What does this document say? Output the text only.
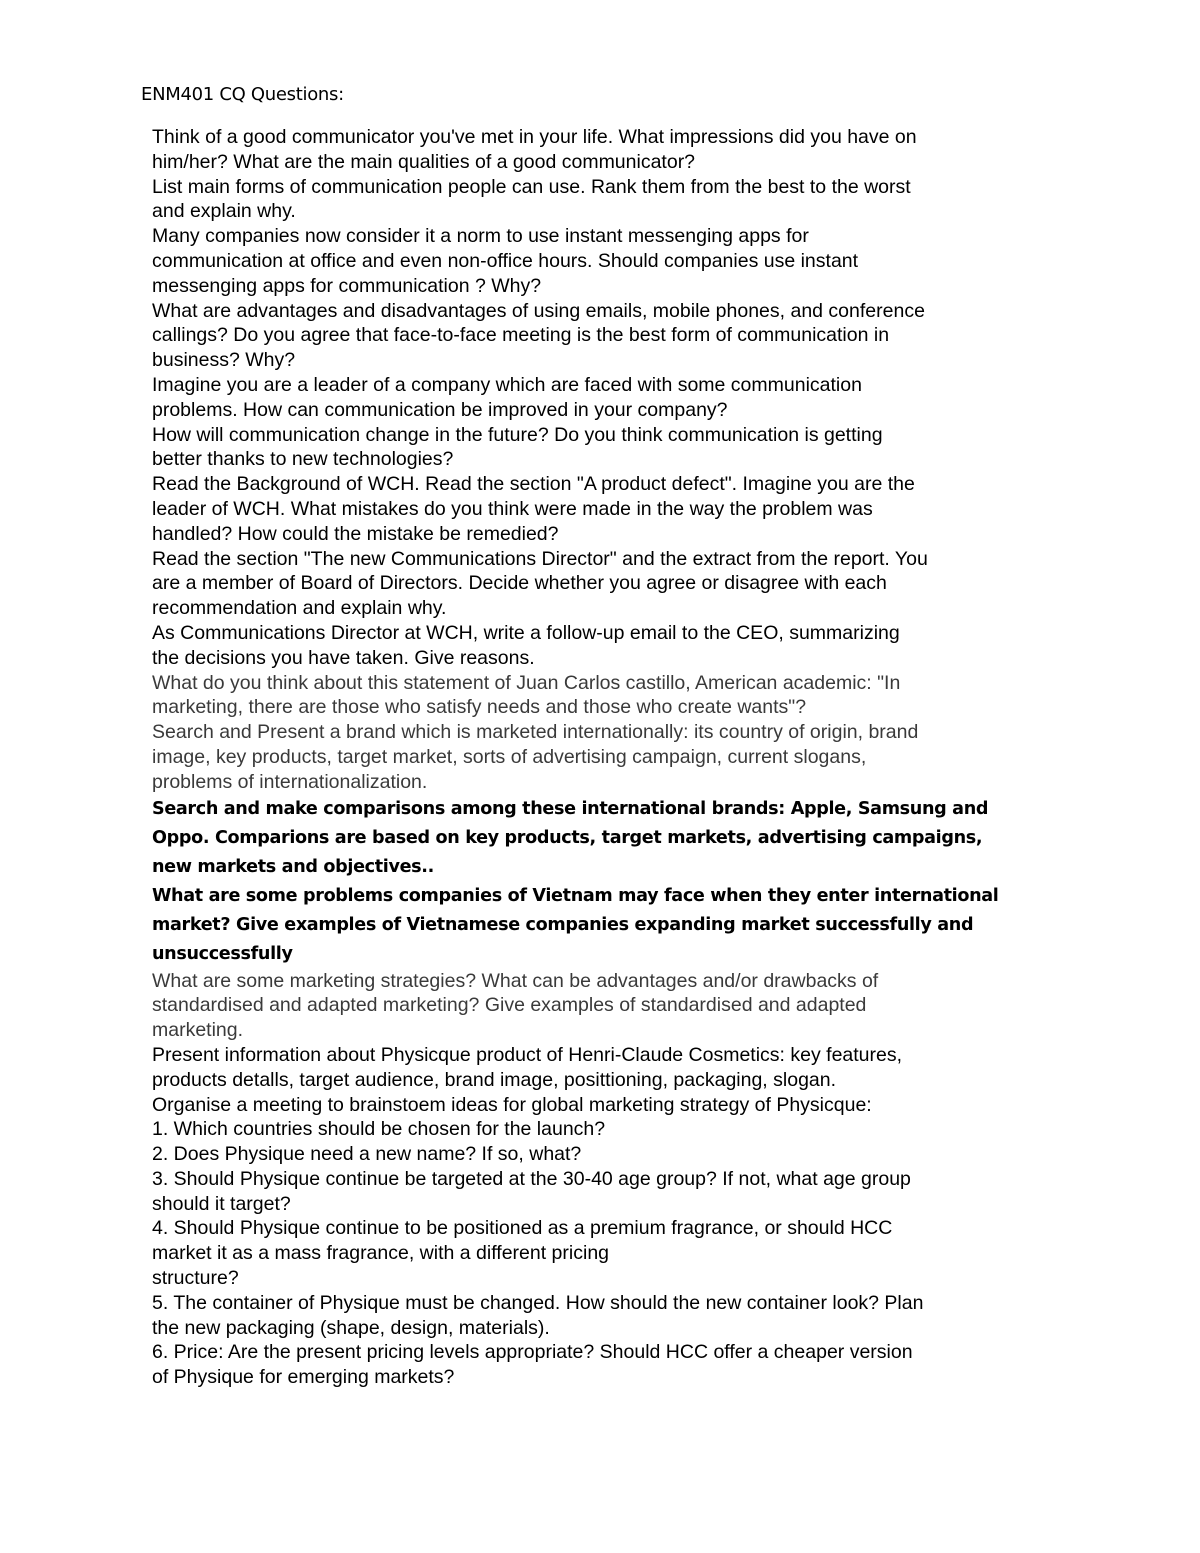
ENM401 CQ Questions:
Think of a good communicator you've met in your life. What impressions did you have on
him/her? What are the main qualities of a good communicator?
List main forms of communication people can use. Rank them from the best to the worst
and explain why.
Many companies now consider it a norm to use instant messenging apps for
communication at office and even non-office hours. Should companies use instant
messenging apps for communication ? Why?
What are advantages and disadvantages of using emails, mobile phones, and conference
callings? Do you agree that face-to-face meeting is the best form of communication in
business? Why?
Imagine you are a leader of a company which are faced with some communication
problems. How can communication be improved in your company?
How will communication change in the future? Do you think communication is getting
better thanks to new technologies?
Read the Background of WCH. Read the section "A product defect". Imagine you are the
leader of WCH. What mistakes do you think were made in the way the problem was
handled? How could the mistake be remedied?
Read the section "The new Communications Director" and the extract from the report. You
are a member of Board of Directors. Decide whether you agree or disagree with each
recommendation and explain why.
As Communications Director at WCH, write a follow-up email to the CEO, summarizing
the decisions you have taken. Give reasons.
What do you think about this statement of Juan Carlos castillo, American academic: "In
marketing, there are those who satisfy needs and those who create wants"?
Search and Present a brand which is marketed internationally: its country of origin, brand
image, key products, target market, sorts of advertising campaign, current slogans,
problems of internationalization.
Search and make comparisons among these international brands: Apple, Samsung and
Oppo. Comparions are based on key products, target markets, advertising campaigns,
new markets and objectives..
What are some problems companies of Vietnam may face when they enter international
market? Give examples of Vietnamese companies expanding market successfully and
unsuccessfully
What are some marketing strategies? What can be advantages and/or drawbacks of
standardised and adapted marketing? Give examples of standardised and adapted
marketing.
Present information about Physicque product of Henri-Claude Cosmetics: key features,
products detalls, target audience, brand image, posittioning, packaging, slogan.
Organise a meeting to brainstoem ideas for global marketing strategy of Physicque:
1. Which countries should be chosen for the launch?
2. Does Physique need a new name? If so, what?
3. Should Physique continue be targeted at the 30-40 age group? If not, what age group
should it target?
4. Should Physique continue to be positioned as a premium fragrance, or should HCC
market it as a mass fragrance, with a different pricing
structure?
5. The container of Physique must be changed. How should the new container look? Plan
the new packaging (shape, design, materials).
6. Price: Are the present pricing levels appropriate? Should HCC offer a cheaper version
of Physique for emerging markets?
